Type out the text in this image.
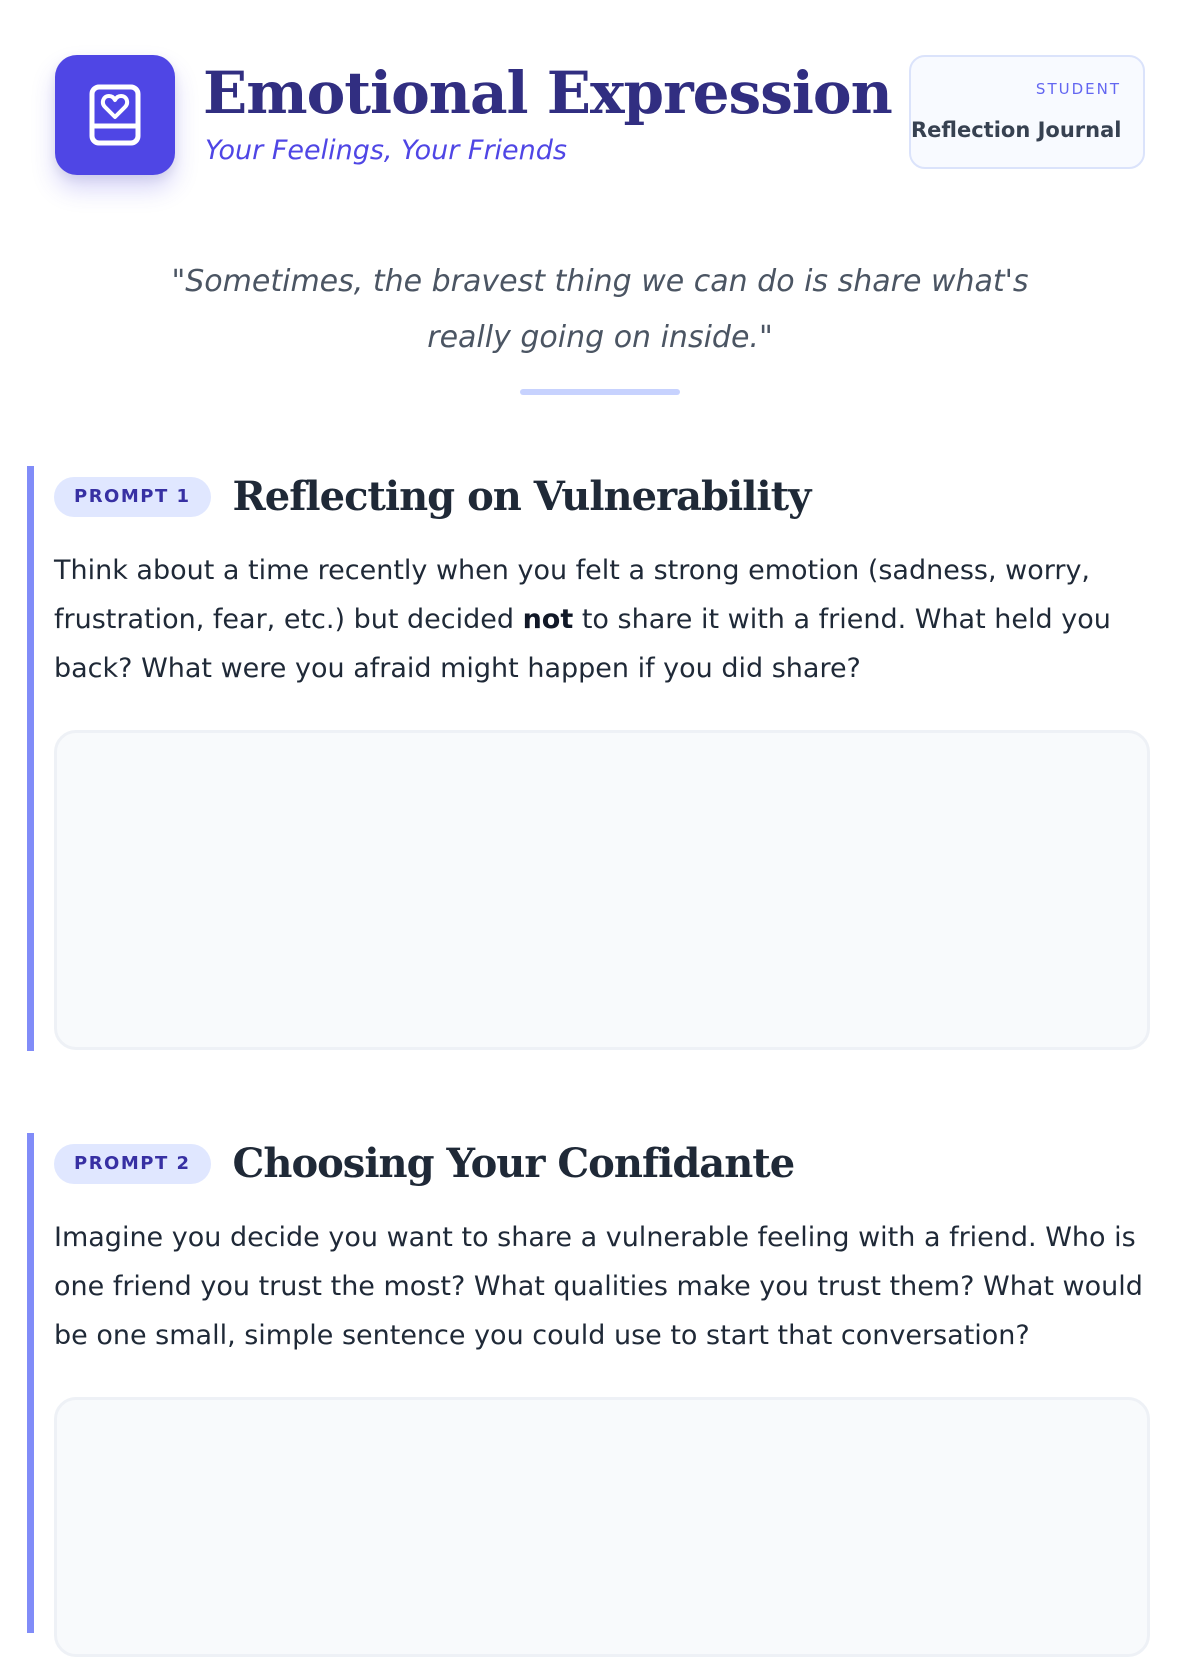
Emotional Expression

Your Feelings, Your Friends

STUDENT
Reflection Journal

"Sometimes, the bravest thing we can do is share what's really going on inside."

PROMPT 1	Reflecting on Vulnerability

Think about a time recently when you felt a strong emotion (sadness, worry, frustration, fear, etc.) but decided not to share it with a friend. What held you back? What were you afraid might happen if you did share?

PROMPT 2	Choosing Your Confidante

Imagine you decide you want to share a vulnerable feeling with a friend. Who is one friend you trust the most? What qualities make you trust them? What would be one small, simple sentence you could use to start that conversation?
